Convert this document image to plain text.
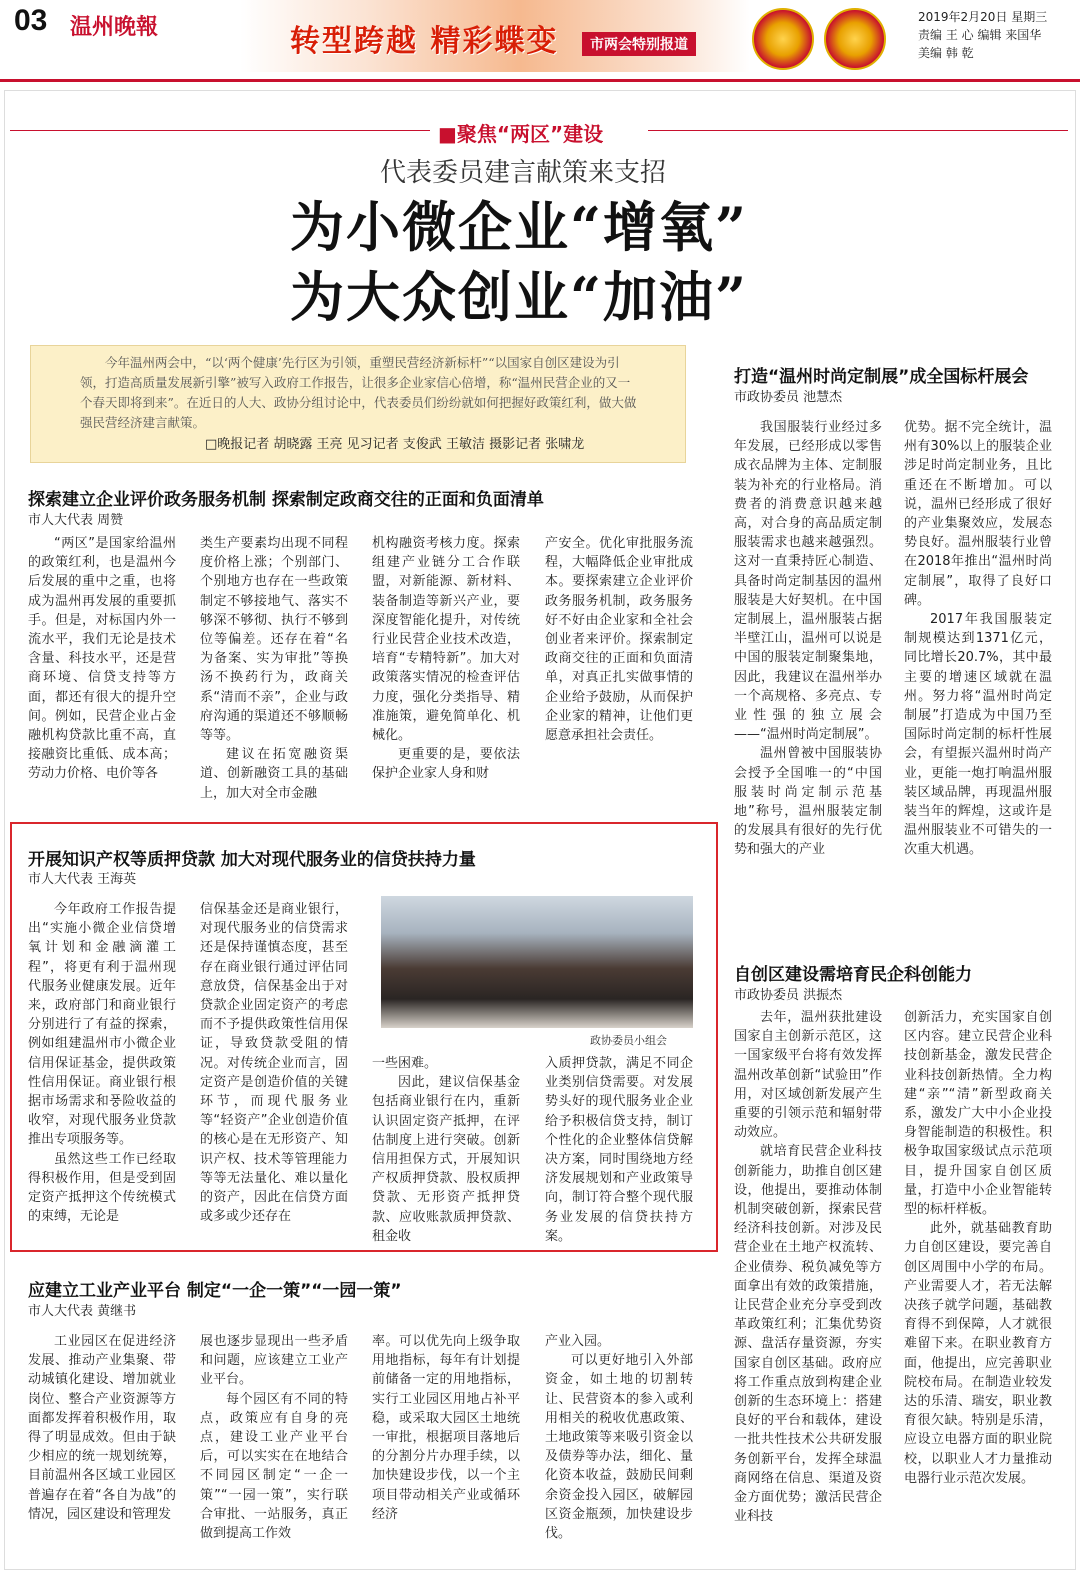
03 温州晚報	转型跨越 精彩蝶变	市两会特别报道
2019年2月20日 星期三
责编 王 心 编辑 来国华
美编 韩 乾
■聚焦“两区”建设
代表委员建言献策来支招
为小微企业“增氧”
为大众创业“加油”
今年温州两会中，“以‘两个健康’先行区为引领，重塑民营经济新标杆”“以国家自创区建设为引领，打造高质量发展新引擎”被写入政府工作报告，让很多企业家信心倍增，称“温州民营企业的又一个春天即将到来”。在近日的人大、政协分组讨论中，代表委员们纷纷就如何把握好政策红利，做大做强民营经济建言献策。
□晚报记者 胡晓露 王亮 见习记者 支俊武 王敏洁 摄影记者 张啸龙
探索建立企业评价政务服务机制 探索制定政商交往的正面和负面清单
市人大代表 周赞
“两区”是国家给温州的政策红利，也是温州今后发展的重中之重，也将成为温州再发展的重要抓手。但是，对标国内外一流水平，我们无论是技术含量、科技水平，还是营商环境、信贷支持等方面，都还有很大的提升空间。例如，民营企业占金融机构贷款比重不高，直接融资比重低、成本高；劳动力价格、电价等各

类生产要素均出现不同程度价格上涨；个别部门、个别地方也存在一些政策制定不够接地气、落实不够深不够彻、执行不够到位等偏差。还存在着“名为备案、实为审批”等换汤不换药行为，政商关系“清而不亲”，企业与政府沟通的渠道还不够顺畅等等。

建议在拓宽融资渠道、创新融资工具的基础上，加大对全市金融

机构融资考核力度。探索组建产业链分工合作联盟，对新能源、新材料、装备制造等新兴产业，要深度智能化提升，对传统行业民营企业技术改造，培育“专精特新”。加大对政策落实情况的检查评估力度，强化分类指导、精准施策，避免简单化、机械化。

更重要的是，要依法保护企业家人身和财

产安全。优化审批服务流程，大幅降低企业审批成本。要探索建立企业评价政务服务机制，政务服务好不好由企业家和全社会创业者来评价。探索制定政商交往的正面和负面清单，对真正扎实做事情的企业给予鼓励，从而保护企业家的精神，让他们更愿意承担社会责任。
开展知识产权等质押贷款 加大对现代服务业的信贷扶持力量
市人大代表 王海英

今年政府工作报告提出“实施小微企业信贷增氧计划和金融滴灌工程”，将更有利于温州现代服务业健康发展。近年来，政府部门和商业银行分别进行了有益的探索，例如组建温州市小微企业信用保证基金，提供政策性信用保证。商业银行根据市场需求和풍险收益的收窄，对现代服务业贷款推出专项服务等。

虽然这些工作已经取得积极作用，但是受到固定资产抵押这个传统模式的束缚，无论是

信保基金还是商业银行，对现代服务业的信贷需求还是保持谨慎态度，甚至存在商业银行通过评估同意放贷，信保基金出于对贷款企业固定资产的考虑而不予提供政策性信用保证，导致贷款受阻的情况。对传统企业而言，固定资产是创造价值的关键环节，而现代服务业等“轻资产”企业创造价值的核心是在无形资产、知识产权、技术等管理能力等等无法量化、难以量化的资产，因此在信贷方面或多或少还存在
政协委员小组会

一些困难。

因此，建议信保基金包括商业银行在内，重新认识固定资产抵押，在评估制度上进行突破。创新信用担保方式，开展知识产权质押贷款、股权质押贷款、无形资产抵押贷款、应收账款质押贷款、租金收

入质押贷款，满足不同企业类别信贷需要。对发展势头好的现代服务业企业给予积极信贷支持，制订个性化的企业整体信贷解决方案，同时围绕地方经济发展规划和产业政策导向，制订符合整个现代服务业发展的信贷扶持方案。
应建立工业产业平台 制定“一企一策”“一园一策”
市人大代表 黄继书
工业园区在促进经济发展、推动产业集聚、带动城镇化建设、增加就业岗位、整合产业资源等方面都发挥着积极作用，取得了明显成效。但由于缺少相应的统一规划统筹，目前温州各区域工业园区普遍存在着“各自为战”的情况，园区建设和管理发

展也逐步显现出一些矛盾和问题，应该建立工业产业平台。

每个园区有不同的特点，政策应有自身的亮点，建设工业产业平台后，可以实实在在地结合不同园区制定“一企一策”“一园一策”，实行联合审批、一站服务，真正做到提高工作效

率。可以优先向上级争取用地指标，每年有计划提前储备一定的用地指标，实行工业园区用地占补平稳，或采取大园区土地统一审批，根据项目落地后的分割分片办理手续，以加快建设步伐，以一个主项目带动相关产业或循环经济

产业入园。

可以更好地引入外部资金，如土地的切割转让、民营资本的参入或利用相关的税收优惠政策、土地政策等来吸引资金以及债券等办法，细化、量化资本收益，鼓励民间剩余资金投入园区，破解园区资金瓶颈，加快建设步伐。

打造“温州时尚定制展”成全国标杆展会
市政协委员 池慧杰

我国服装行业经过多年发展，已经形成以零售成衣品牌为主体、定制服装为补充的行业格局。消费者的消费意识越来越高，对合身的高品质定制服装需求也越来越强烈。这对一直秉持匠心制造、具备时尚定制基因的温州服装是大好契机。在中国定制展上，温州服装占据半壁江山，温州可以说是中国的服装定制聚集地，因此，我建议在温州举办一个高规格、多亮点、专业性强的独立展会——“温州时尚定制展”。

温州曾被中国服装协会授予全国唯一的“中国服装时尚定制示范基地”称号，温州服装定制的发展具有很好的先行优势和强大的产业

优势。据不完全统计，温州有30%以上的服装企业涉足时尚定制业务，且比重还在不断增加。可以说，温州已经形成了很好的产业集聚效应，发展态势良好。温州服装行业曾在2018年推出“温州时尚定制展”，取得了良好口碑。

2017年我国服装定制规模达到1371亿元，同比增长20.7%，其中最主要的增速区域就在温州。努力将“温州时尚定制展”打造成为中国乃至国际时尚定制的标杆性展会，有望振兴温州时尚产业，更能一炮打响温州服装区域品牌，再现温州服装当年的辉煌，这或许是温州服装业不可错失的一次重大机遇。

自创区建设需培育民企科创能力
市政协委员 洪振杰

去年，温州获批建设国家自主创新示范区，这一国家级平台将有效发挥温州改革创新“试验田”作用，对区域创新发展产生重要的引领示范和辐射带动效应。

就培育民营企业科技创新能力，助推自创区建设，他提出，要推动体制机制突破创新，探索民营经济科技创新。对涉及民营企业在土地产权流转、企业债券、税负减免等方面拿出有效的政策措施，让民营企业充分享受到改革政策红利；汇集优势资源、盘活存量资源，夯实国家自创区基础。政府应将工作重点放到构建企业创新的生态环境上：搭建良好的平台和载体，建设一批共性技术公共研发服务创新平台，发挥全球温商网络在信息、渠道及资金方面优势；激活民营企业科技

创新活力，充实国家自创区内容。建立民营企业科技创新基金，激发民营企业科技创新热情。全力构建“亲”“清”新型政商关系，激发广大中小企业投身智能制造的积极性。积极争取国家级试点示范项目，提升国家自创区质量，打造中小企业智能转型的标杆样板。

此外，就基础教育助力自创区建设，要完善自创区周围中小学的布局。产业需要人才，若无法解决孩子就学问题，基础教育得不到保障，人才就很难留下来。在职业教育方面，他提出，应完善职业院校布局。在制造业较发达的乐清、瑞安，职业教育很欠缺。特别是乐清，应设立电器方面的职业院校，以职业人才力量推动电器行业示范次发展。
